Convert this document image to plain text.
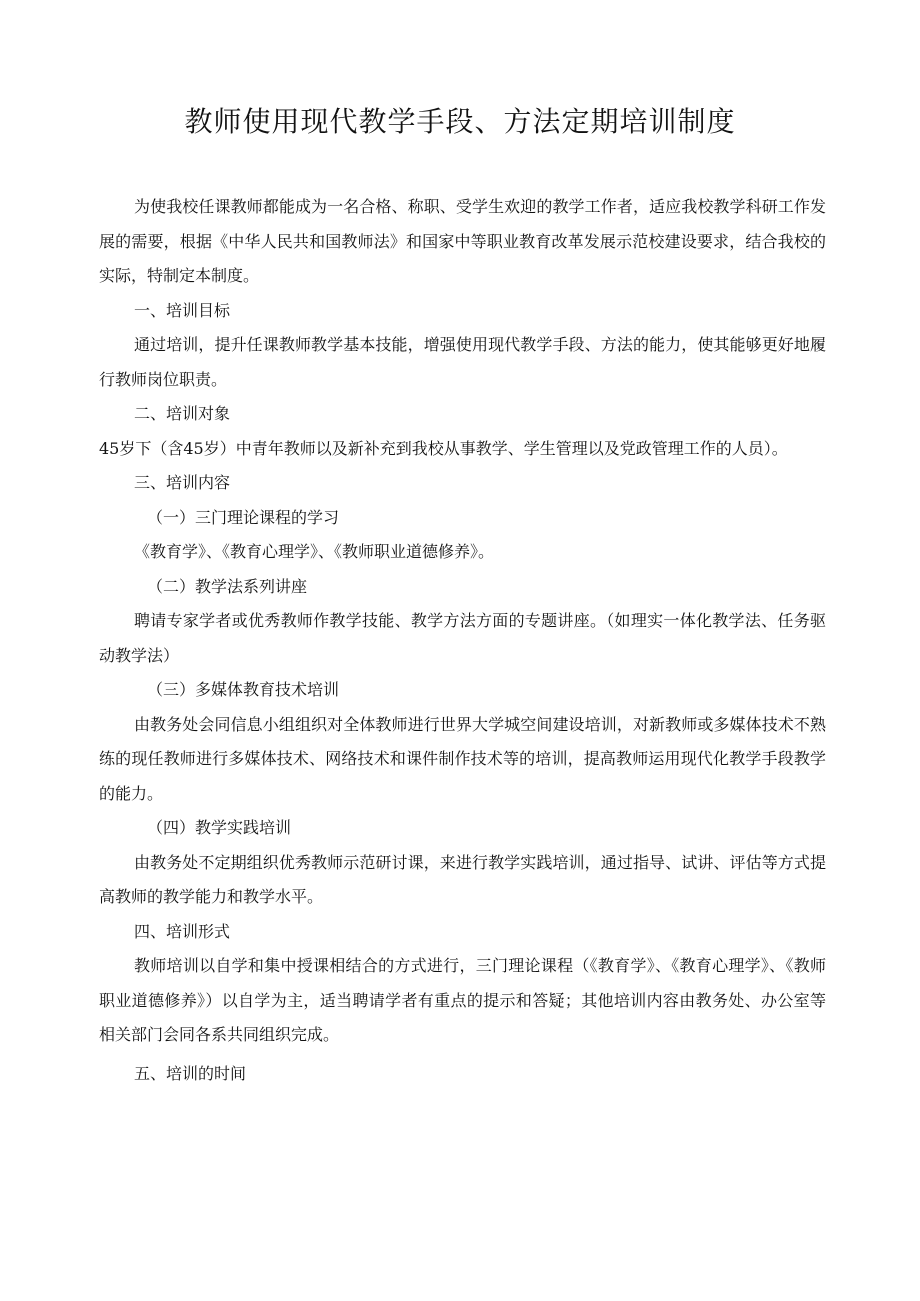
教师使用现代教学手段、方法定期培训制度

为使我校任课教师都能成为一名合格、称职、受学生欢迎的教学工作者，适应我校教学科研工作发展的需要，根据《中华人民共和国教师法》和国家中等职业教育改革发展示范校建设要求，结合我校的实际，特制定本制度。

一、培训目标

通过培训，提升任课教师教学基本技能，增强使用现代教学手段、方法的能力，使其能够更好地履行教师岗位职责。

二、培训对象

45岁下（含45岁）中青年教师以及新补充到我校从事教学、学生管理以及党政管理工作的人员）。

三、培训内容

（一）三门理论课程的学习

《教育学》、《教育心理学》、《教师职业道德修养》。

（二）教学法系列讲座

聘请专家学者或优秀教师作教学技能、教学方法方面的专题讲座。（如理实一体化教学法、任务驱动教学法）

（三）多媒体教育技术培训

由教务处会同信息小组组织对全体教师进行世界大学城空间建设培训，对新教师或多媒体技术不熟练的现任教师进行多媒体技术、网络技术和课件制作技术等的培训，提高教师运用现代化教学手段教学的能力。

（四）教学实践培训

由教务处不定期组织优秀教师示范研讨课，来进行教学实践培训，通过指导、试讲、评估等方式提高教师的教学能力和教学水平。

四、培训形式

教师培训以自学和集中授课相结合的方式进行，三门理论课程（《教育学》、《教育心理学》、《教师职业道德修养》）以自学为主，适当聘请学者有重点的提示和答疑；其他培训内容由教务处、办公室等相关部门会同各系共同组织完成。

五、培训的时间
